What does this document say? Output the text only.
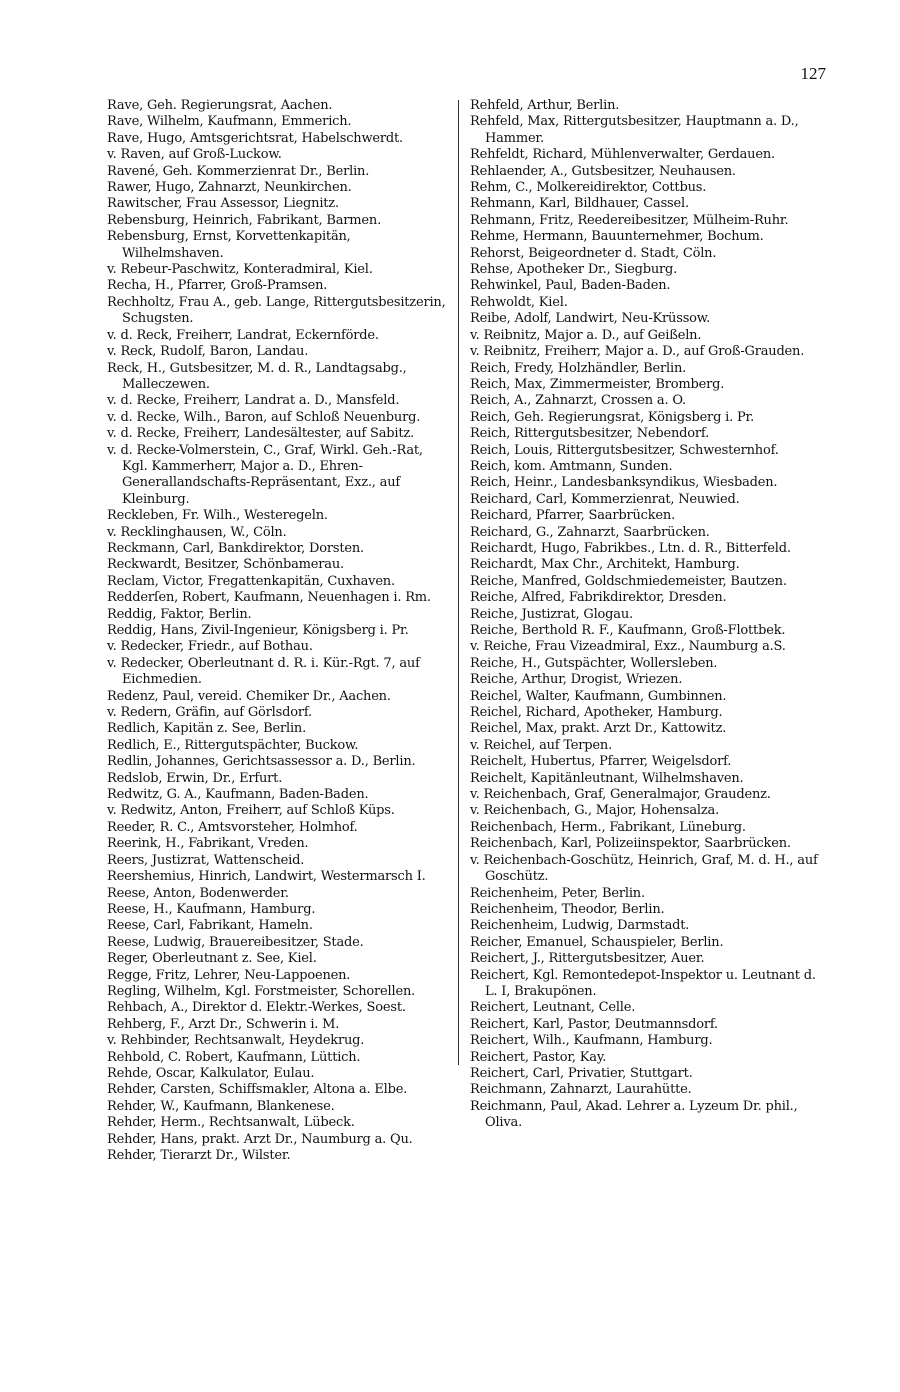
127
Rave, Geh. Regierungsrat, Aachen.
Rave, Wilhelm, Kaufmann, Emmerich.
Rave, Hugo, Amtsgerichtsrat, Habelschwerdt.
v. Raven, auf Groß-Luckow.
Ravené, Geh. Kommerzienrat Dr., Berlin.
Rawer, Hugo, Zahnarzt, Neunkirchen.
Rawitscher, Frau Assessor, Liegnitz.
Rebensburg, Heinrich, Fabrikant, Barmen.
Rebensburg, Ernst, Korvettenkapitän, Wilhelmshaven.
v. Rebeur-Paschwitz, Konteradmiral, Kiel.
Recha, H., Pfarrer, Groß-Pramsen.
Rechholtz, Frau A., geb. Lange, Rittergutsbesitzerin, Schugsten.
v. d. Reck, Freiherr, Landrat, Eckernförde.
v. Reck, Rudolf, Baron, Landau.
Reck, H., Gutsbesitzer, M. d. R., Landtagsabg., Malleczewen.
v. d. Recke, Freiherr, Landrat a. D., Mansfeld.
v. d. Recke, Wilh., Baron, auf Schloß Neuenburg.
v. d. Recke, Freiherr, Landesältester, auf Sabitz.
v. d. Recke-Volmerstein, C., Graf, Wirkl. Geh.-Rat, Kgl. Kammerherr, Major a. D., Ehren-Generallandschafts-Repräsentant, Exz., auf Kleinburg.
Reckleben, Fr. Wilh., Westeregeln.
v. Recklinghausen, W., Cöln.
Reckmann, Carl, Bankdirektor, Dorsten.
Reckwardt, Besitzer, Schönbamerau.
Reclam, Victor, Fregattenkapitän, Cuxhaven.
Redderſen, Robert, Kaufmann, Neuenhagen i. Rm.
Reddig, Faktor, Berlin.
Reddig, Hans, Zivil-Ingenieur, Königsberg i. Pr.
v. Redecker, Friedr., auf Bothau.
v. Redecker, Oberleutnant d. R. i. Kür.-Rgt. 7, auf Eichmedien.
Redenz, Paul, vereid. Chemiker Dr., Aachen.
v. Redern, Gräfin, auf Görlsdorf.
Redlich, Kapitän z. See, Berlin.
Redlich, E., Rittergutspächter, Buckow.
Redlin, Johannes, Gerichtsassessor a. D., Berlin.
Redslob, Erwin, Dr., Erfurt.
Redwitz, G. A., Kaufmann, Baden-Baden.
v. Redwitz, Anton, Freiherr, auf Schloß Küps.
Reeder, R. C., Amtsvorsteher, Holmhof.
Reerink, H., Fabrikant, Vreden.
Reers, Justizrat, Wattenscheid.
Reershemius, Hinrich, Landwirt, Westermarsch I.
Reese, Anton, Bodenwerder.
Reese, H., Kaufmann, Hamburg.
Reese, Carl, Fabrikant, Hameln.
Reese, Ludwig, Brauereibesitzer, Stade.
Reger, Oberleutnant z. See, Kiel.
Regge, Fritz, Lehrer, Neu-Lappoenen.
Regling, Wilhelm, Kgl. Forstmeister, Schorellen.
Rehbach, A., Direktor d. Elektr.-Werkes, Soest.
Rehberg, F., Arzt Dr., Schwerin i. M.
v. Rehbinder, Rechtsanwalt, Heydekrug.
Rehbold, C. Robert, Kaufmann, Lüttich.
Rehde, Oscar, Kalkulator, Eulau.
Rehder, Carsten, Schiffsmakler, Altona a. Elbe.
Rehder, W., Kaufmann, Blankenese.
Rehder, Herm., Rechtsanwalt, Lübeck.
Rehder, Hans, prakt. Arzt Dr., Naumburg a. Qu.
Rehder, Tierarzt Dr., Wilster.
Rehfeld, Arthur, Berlin.
Rehfeld, Max, Rittergutsbesitzer, Hauptmann a. D., Hammer.
Rehfeldt, Richard, Mühlenverwalter, Gerdauen.
Rehlaender, A., Gutsbesitzer, Neuhausen.
Rehm, C., Molkereidirektor, Cottbus.
Rehmann, Karl, Bildhauer, Cassel.
Rehmann, Fritz, Reedereibesitzer, Mülheim-Ruhr.
Rehme, Hermann, Bauunternehmer, Bochum.
Rehorst, Beigeordneter d. Stadt, Cöln.
Rehse, Apotheker Dr., Siegburg.
Rehwinkel, Paul, Baden-Baden.
Rehwoldt, Kiel.
Reibe, Adolf, Landwirt, Neu-Krüssow.
v. Reibnitz, Major a. D., auf Geißeln.
v. Reibnitz, Freiherr, Major a. D., auf Groß-Grauden.
Reich, Fredy, Holzhändler, Berlin.
Reich, Max, Zimmermeister, Bromberg.
Reich, A., Zahnarzt, Crossen a. O.
Reich, Geh. Regierungsrat, Königsberg i. Pr.
Reich, Rittergutsbesitzer, Nebendorf.
Reich, Louis, Rittergutsbesitzer, Schwesternhof.
Reich, kom. Amtmann, Sunden.
Reich, Heinr., Landesbanksyndikus, Wiesbaden.
Reichard, Carl, Kommerzienrat, Neuwied.
Reichard, Pfarrer, Saarbrücken.
Reichard, G., Zahnarzt, Saarbrücken.
Reichardt, Hugo, Fabrikbes., Ltn. d. R., Bitterfeld.
Reichardt, Max Chr., Architekt, Hamburg.
Reiche, Manfred, Goldschmiedemeister, Bautzen.
Reiche, Alfred, Fabrikdirektor, Dresden.
Reiche, Justizrat, Glogau.
Reiche, Berthold R. F., Kaufmann, Groß-Flottbek.
v. Reiche, Frau Vizeadmiral, Exz., Naumburg a.S.
Reiche, H., Gutspächter, Wollersleben.
Reiche, Arthur, Drogist, Wriezen.
Reichel, Walter, Kaufmann, Gumbinnen.
Reichel, Richard, Apotheker, Hamburg.
Reichel, Max, prakt. Arzt Dr., Kattowitz.
v. Reichel, auf Terpen.
Reichelt, Hubertus, Pfarrer, Weigelsdorf.
Reichelt, Kapitänleutnant, Wilhelmshaven.
v. Reichenbach, Graf, Generalmajor, Graudenz.
v. Reichenbach, G., Major, Hohensalza.
Reichenbach, Herm., Fabrikant, Lüneburg.
Reichenbach, Karl, Polizeiinspektor, Saarbrücken.
v. Reichenbach-Goschütz, Heinrich, Graf, M. d. H., auf Goschütz.
Reichenheim, Peter, Berlin.
Reichenheim, Theodor, Berlin.
Reichenheim, Ludwig, Darmstadt.
Reicher, Emanuel, Schauspieler, Berlin.
Reichert, J., Rittergutsbesitzer, Auer.
Reichert, Kgl. Remontedepot-Inspektor u. Leutnant d. L. I, Brakupönen.
Reichert, Leutnant, Celle.
Reichert, Karl, Pastor, Deutmannsdorf.
Reichert, Wilh., Kaufmann, Hamburg.
Reichert, Pastor, Kay.
Reichert, Carl, Privatier, Stuttgart.
Reichmann, Zahnarzt, Laurahütte.
Reichmann, Paul, Akad. Lehrer a. Lyzeum Dr. phil., Oliva.
